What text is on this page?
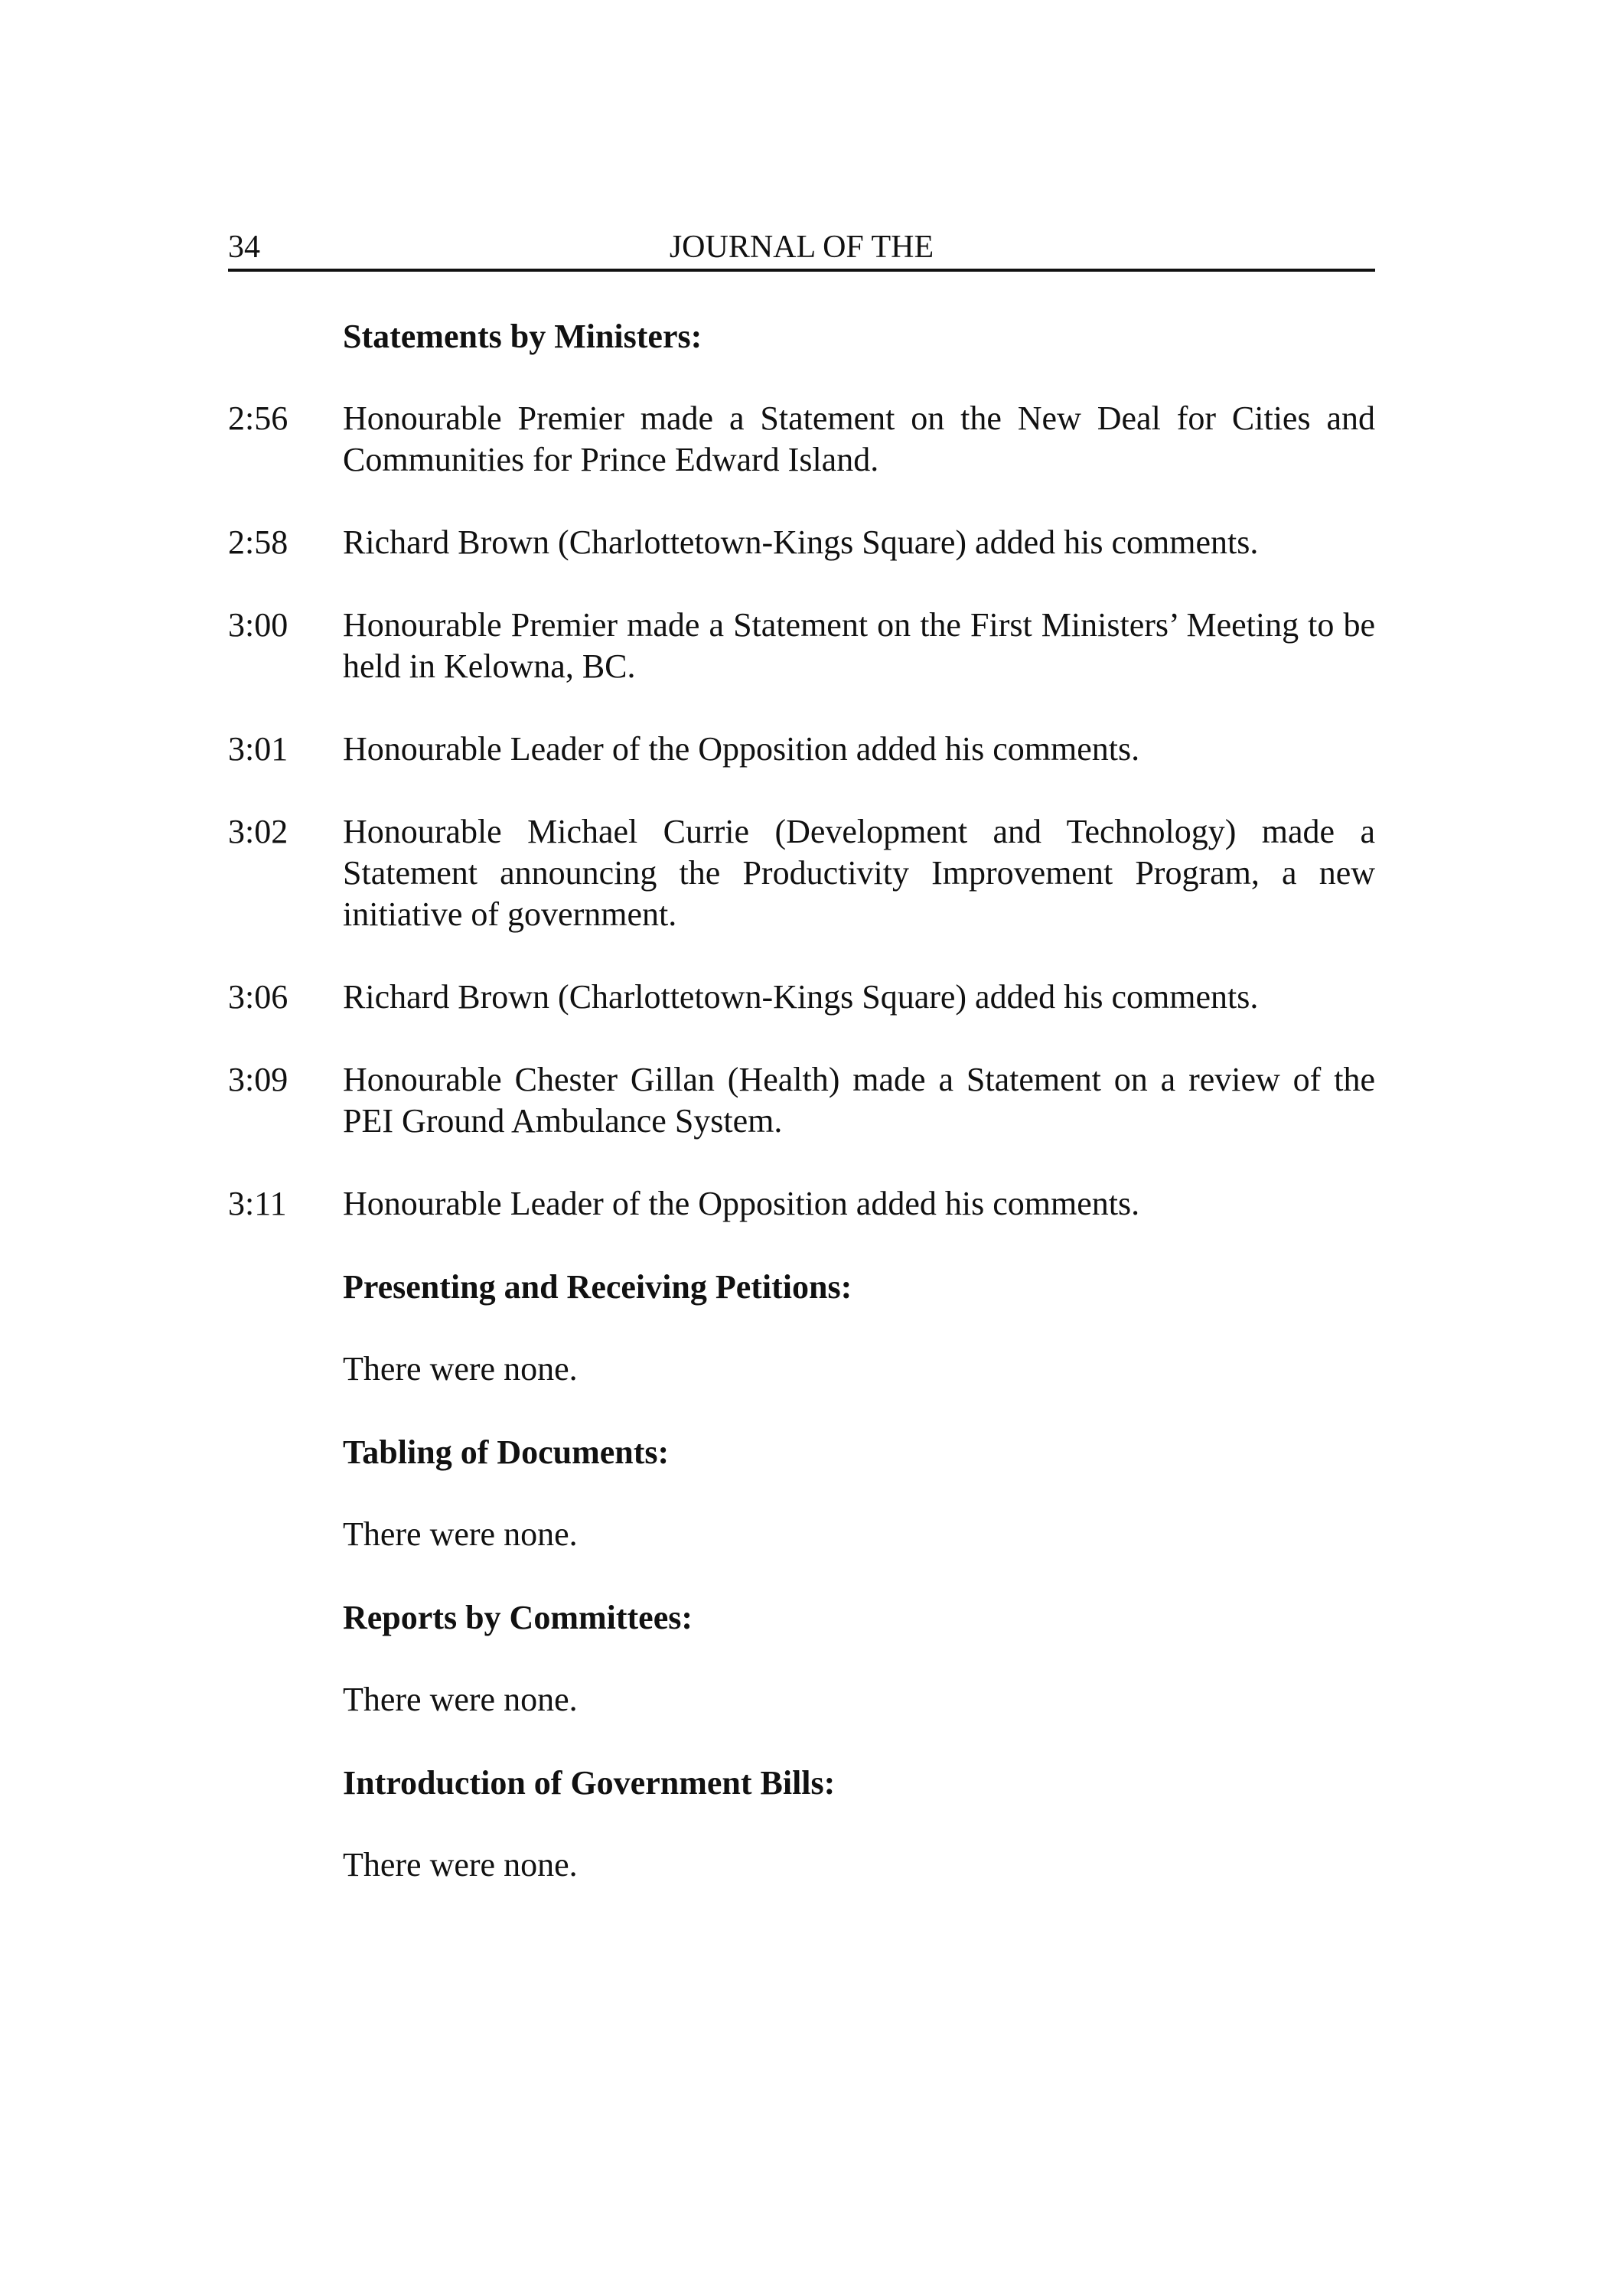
34	JOURNAL OF THE
Statements by Ministers:
2:56	Honourable Premier made a Statement on the New Deal for Cities and Communities for Prince Edward Island.
2:58	Richard Brown (Charlottetown-Kings Square) added his comments.
3:00	Honourable Premier made a Statement on the First Ministers’ Meeting to be held in Kelowna, BC.
3:01	Honourable Leader of the Opposition added his comments.
3:02	Honourable Michael Currie (Development and Technology) made a Statement announcing the Productivity Improvement Program, a new initiative of government.
3:06	Richard Brown (Charlottetown-Kings Square) added his comments.
3:09	Honourable Chester Gillan (Health) made a Statement on a review of the PEI Ground Ambulance System.
3:11	Honourable Leader of the Opposition added his comments.
Presenting and Receiving Petitions:
There were none.
Tabling of Documents:
There were none.
Reports by Committees:
There were none.
Introduction of Government Bills:
There were none.
